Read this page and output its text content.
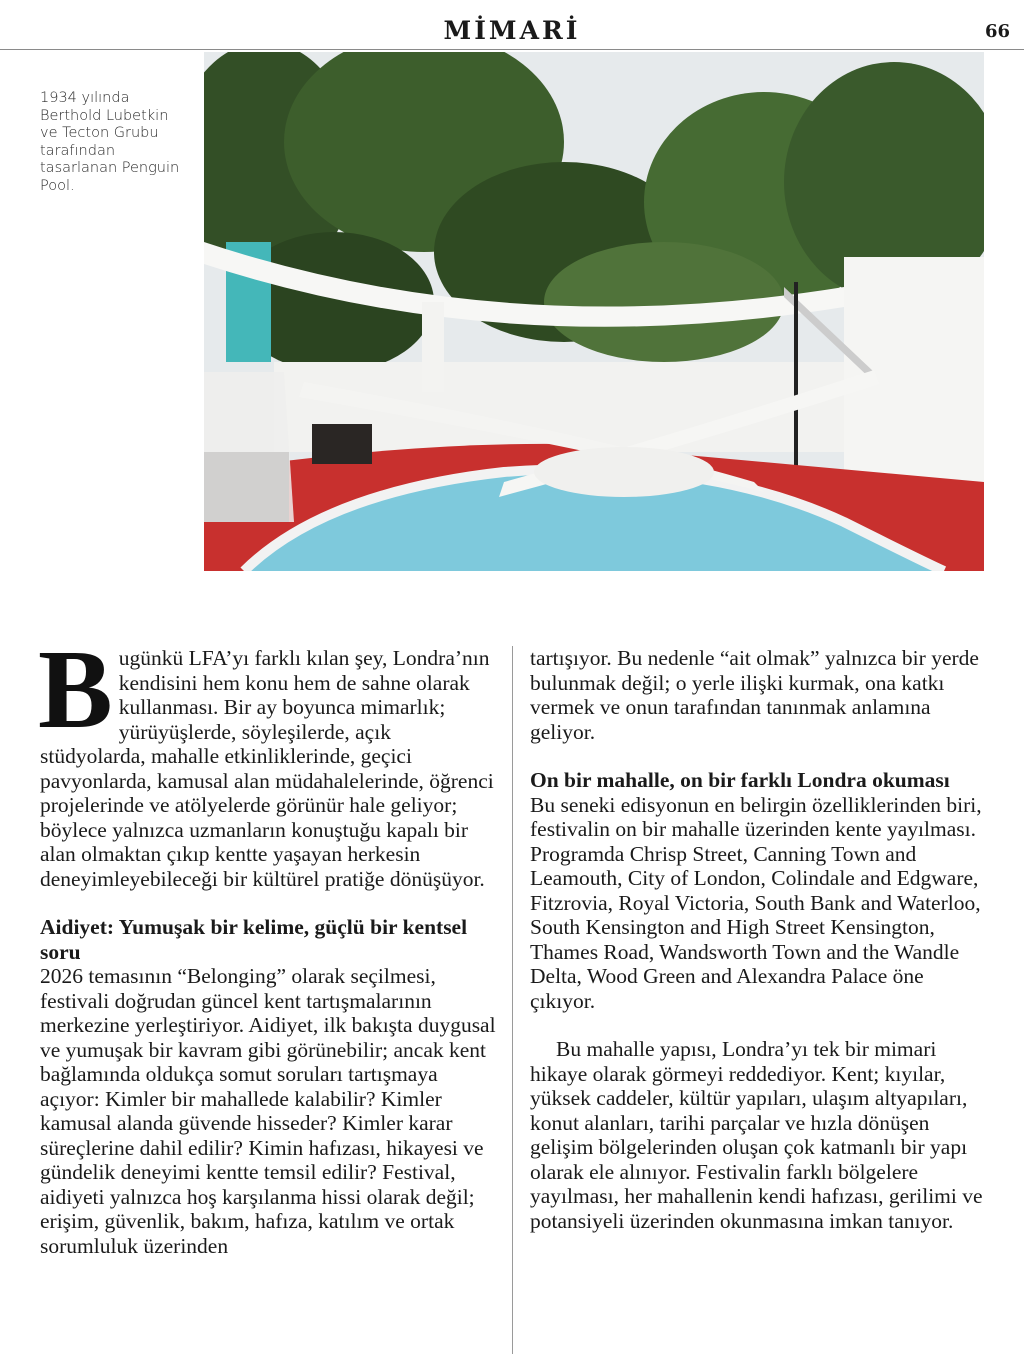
MİMARİ	66
1934 yılında Berthold Lubetkin ve Tecton Grubu tarafından tasarlanan Penguin Pool.

Bugünkü LFA’yı farklı kılan şey, Londra’nın kendisini hem konu hem de sahne olarak kullanması. Bir ay boyunca mimarlık; yürüyüşlerde, söyleşilerde, açık stüdyolarda, mahalle etkinliklerinde, geçici pavyonlarda, kamusal alan müdahalelerinde, öğrenci projelerinde ve atölyelerde görünür hale geliyor; böylece yalnızca uzmanların konuştuğu kapalı bir alan olmaktan çıkıp kentte yaşayan herkesin deneyimleyebileceği bir kültürel pratiğe dönüşüyor.

Aidiyet: Yumuşak bir kelime, güçlü bir kentsel soru

2026 temasının “Belonging” olarak seçilmesi, festivali doğrudan güncel kent tartışmalarının merkezine yerleştiriyor. Aidiyet, ilk bakışta duygusal ve yumuşak bir kavram gibi görünebilir; ancak kent bağlamında oldukça somut soruları tartışmaya açıyor: Kimler bir mahallede kalabilir? Kimler kamusal alanda güvende hisseder? Kimler karar süreçlerine dahil edilir? Kimin hafızası, hikayesi ve gündelik deneyimi kentte temsil edilir? Festival, aidiyeti yalnızca hoş karşılanma hissi olarak değil; erişim, güvenlik, bakım, hafıza, katılım ve ortak sorumluluk üzerinden

tartışıyor. Bu nedenle “ait olmak” yalnızca bir yerde bulunmak değil; o yerle ilişki kurmak, ona katkı vermek ve onun tarafından tanınmak anlamına geliyor.

On bir mahalle, on bir farklı Londra okuması

Bu seneki edisyonun en belirgin özelliklerinden biri, festivalin on bir mahalle üzerinden kente yayılması. Programda Chrisp Street, Canning Town and Leamouth, City of London, Colindale and Edgware, Fitzrovia, Royal Victoria, South Bank and Waterloo, South Kensington and High Street Kensington, Thames Road, Wandsworth Town and the Wandle Delta, Wood Green and Alexandra Palace öne çıkıyor.

Bu mahalle yapısı, Londra’yı tek bir mimari hikaye olarak görmeyi reddediyor. Kent; kıyılar, yüksek caddeler, kültür yapıları, ulaşım altyapıları, konut alanları, tarihi parçalar ve hızla dönüşen gelişim bölgelerinden oluşan çok katmanlı bir yapı olarak ele alınıyor. Festivalin farklı bölgelere yayılması, her mahallenin kendi hafızası, gerilimi ve potansiyeli üzerinden okunmasına imkan tanıyor.
